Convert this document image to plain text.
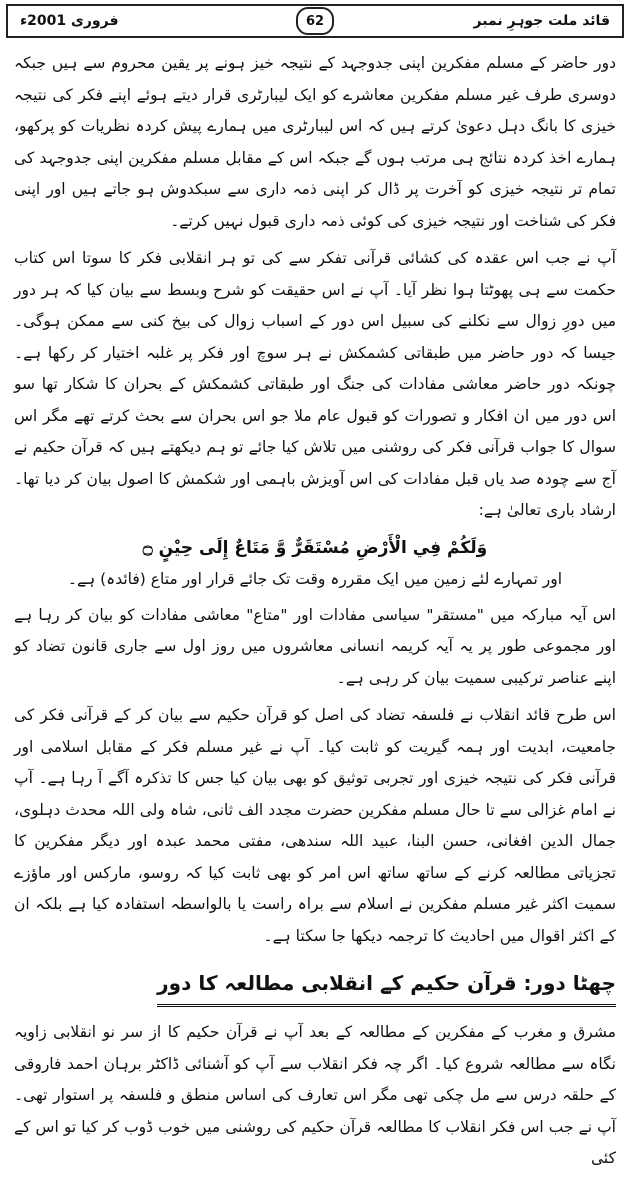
فروری 2001ء	62	قائد ملت جوہرِ نمبر

دور حاضر کے مسلم مفکرین اپنی جدوجہد کے نتیجہ خیز ہونے پر یقین محروم سے ہیں جبکہ دوسری طرف غیر مسلم مفکرین معاشرے کو ایک لیبارٹری قرار دیتے ہوئے اپنے فکر کی نتیجہ خیزی کا بانگ دہل دعویٰ کرتے ہیں کہ اس لیبارٹری میں ہمارے پیش کردہ نظریات کو پرکھو، ہمارے اخذ کردہ نتائج ہی مرتب ہوں گے جبکہ اس کے مقابل مسلم مفکرین اپنی جدوجہد کی تمام تر نتیجہ خیزی کو آخرت پر ڈال کر اپنی ذمہ داری سے سبکدوش ہو جاتے ہیں اور اپنی فکر کی شناخت اور نتیجہ خیزی کی کوئی ذمہ داری قبول نہیں کرتے۔

آپ نے جب اس عقدہ کی کشائی قرآنی تفکر سے کی تو ہر انقلابی فکر کا سوتا اس کتاب حکمت سے ہی پھوٹتا ہوا نظر آیا۔ آپ نے اس حقیقت کو شرح وبسط سے بیان کیا کہ ہر دور میں دورِ زوال سے نکلنے کی سبیل اس دور کے اسباب زوال کی بیخ کنی سے ممکن ہوگی۔ جیسا کہ دور حاضر میں طبقاتی کشمکش نے ہر سوچ اور فکر پر غلبہ اختیار کر رکھا ہے۔ چونکہ دور حاضر معاشی مفادات کی جنگ اور طبقاتی کشمکش کے بحران کا شکار تھا سو اس دور میں ان افکار و تصورات کو قبول عام ملا جو اس بحران سے بحث کرتے تھے مگر اس سوال کا جواب قرآنی فکر کی روشنی میں تلاش کیا جائے تو ہم دیکھتے ہیں کہ قرآن حکیم نے آج سے چودہ صد یاں قبل مفادات کی اس آویزش باہمی اور شکمش کا اصول بیان کر دیا تھا۔ ارشاد باری تعالیٰ ہے:

وَلَكُمْ فِي الْأَرْضِ مُسْتَقَرٌّ وَّ مَتَاعٌ إِلَى حِيْنٍ ۝

اور تمہارے لئے زمین میں ایک مقررہ وقت تک جائے قرار اور متاع (فائدہ) ہے۔

اس آیہ مبارکہ میں "مستقر" سیاسی مفادات اور "متاع" معاشی مفادات کو بیان کر رہا ہے اور مجموعی طور پر یہ آیہ کریمہ انسانی معاشروں میں روز اول سے جاری قانون تضاد کو اپنے عناصر ترکیبی سمیت بیان کر رہی ہے۔

اس طرح قائد انقلاب نے فلسفہ تضاد کی اصل کو قرآن حکیم سے بیان کر کے قرآنی فکر کی جامعیت، ابدیت اور ہمہ گیریت کو ثابت کیا۔ آپ نے غیر مسلم فکر کے مقابل اسلامی اور قرآنی فکر کی نتیجہ خیزی اور تجربی توثیق کو بھی بیان کیا جس کا تذکرہ آگے آ رہا ہے۔ آپ نے امام غزالی سے تا حال مسلم مفکرین حضرت مجدد الف ثانی، شاہ ولی اللہ محدث دہلوی، جمال الدین افغانی، حسن البنا، عبید اللہ سندھی، مفتی محمد عبدہ اور دیگر مفکرین کا تجزیاتی مطالعہ کرنے کے ساتھ ساتھ اس امر کو بھی ثابت کیا کہ روسو، مارکس اور ماؤزے سمیت اکثر غیر مسلم مفکرین نے اسلام سے براہ راست یا بالواسطہ استفادہ کیا ہے بلکہ ان کے اکثر اقوال میں احادیث کا ترجمہ دیکھا جا سکتا ہے۔

چھٹا دور: قرآن حکیم کے انقلابی مطالعہ کا دور

مشرق و مغرب کے مفکرین کے مطالعہ کے بعد آپ نے قرآن حکیم کا از سر نو انقلابی زاویہ نگاہ سے مطالعہ شروع کیا۔ اگر چہ فکر انقلاب سے آپ کو آشنائی ڈاکٹر برہان احمد فاروقی کے حلقہ درس سے مل چکی تھی مگر اس تعارف کی اساس منطق و فلسفہ پر استوار تھی۔ آپ نے جب اس فکر انقلاب کا مطالعہ قرآن حکیم کی روشنی میں خوب ڈوب کر کیا تو اس کے کئی
